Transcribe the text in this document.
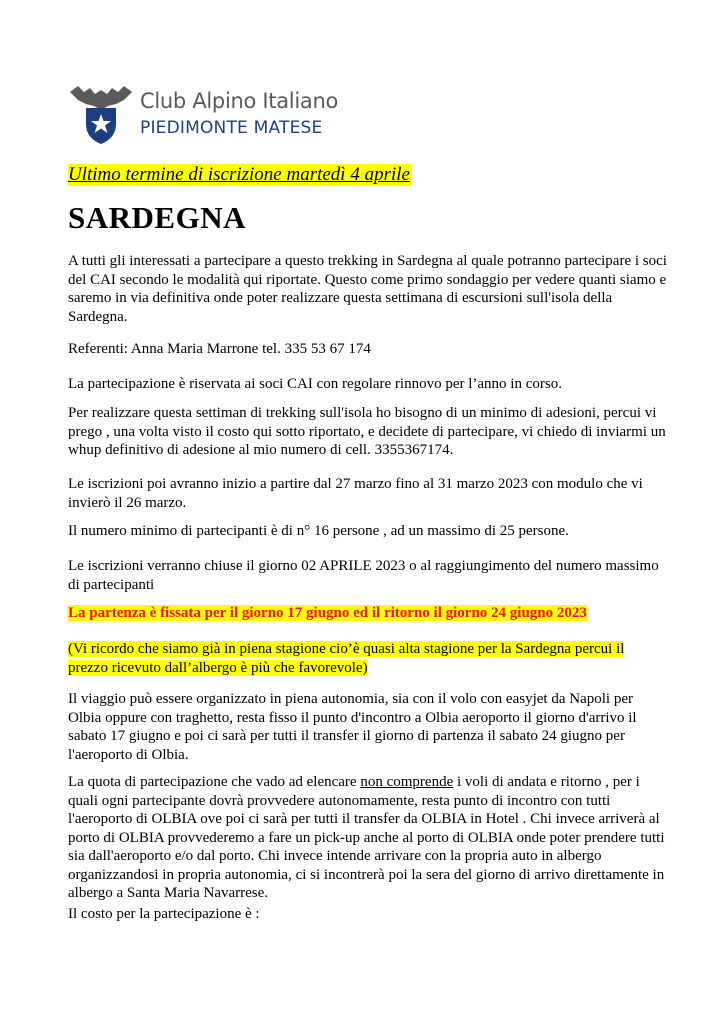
Club Alpino Italiano
PIEDIMONTE MATESE
Ultimo termine di iscrizione martedì 4 aprile
SARDEGNA

A tutti gli interessati a partecipare a questo trekking in Sardegna al quale potranno partecipare i soci del CAI secondo le modalità qui riportate. Questo come primo sondaggio per vedere quanti siamo e saremo in via definitiva onde poter realizzare questa settimana di escursioni sull'isola della Sardegna.

Referenti: Anna Maria Marrone tel. 335 53 67 174

La partecipazione è riservata ai soci CAI con regolare rinnovo per l’anno in corso.

Per realizzare questa settiman di trekking sull'isola ho bisogno di un minimo di adesioni, percui vi prego , una volta visto il costo qui sotto riportato, e decidete di partecipare, vi chiedo di inviarmi un whup definitivo di adesione al mio numero di cell. 3355367174.

Le iscrizioni poi avranno inizio a partire dal 27 marzo fino al 31 marzo 2023 con modulo che vi invierò il 26 marzo.

Il numero minimo di partecipanti è di n° 16 persone , ad un massimo di 25 persone.

Le iscrizioni verranno chiuse il giorno 02 APRILE 2023 o al raggiungimento del numero massimo di partecipanti

La partenza è fissata per il giorno 17 giugno ed il ritorno il giorno 24 giugno 2023

(Vi ricordo che siamo già in piena stagione cio’è quasi alta stagione per la Sardegna percui il prezzo ricevuto dall’albergo è più che favorevole)

Il viaggio può essere organizzato in piena autonomia, sia con il volo con easyjet da Napoli per Olbia oppure con traghetto, resta fisso il punto d'incontro a Olbia aeroporto il giorno d'arrivo il sabato 17 giugno e poi ci sarà per tutti il transfer il giorno di partenza il sabato 24 giugno per l'aeroporto di Olbia.

La quota di partecipazione che vado ad elencare non comprende i voli di andata e ritorno , per i quali ogni partecipante dovrà provvedere autonomamente, resta punto di incontro con tutti l'aeroporto di OLBIA ove poi ci sarà per tutti il transfer da OLBIA in Hotel . Chi invece arriverà al porto di OLBIA provvederemo a fare un pick-up anche al porto di OLBIA onde poter prendere tutti sia dall'aeroporto e/o dal porto. Chi invece intende arrivare con la propria auto in albergo organizzandosi in propria autonomia, ci si incontrerà poi la sera del giorno di arrivo direttamente in albergo a Santa Maria Navarrese.

Il costo per la partecipazione è :
